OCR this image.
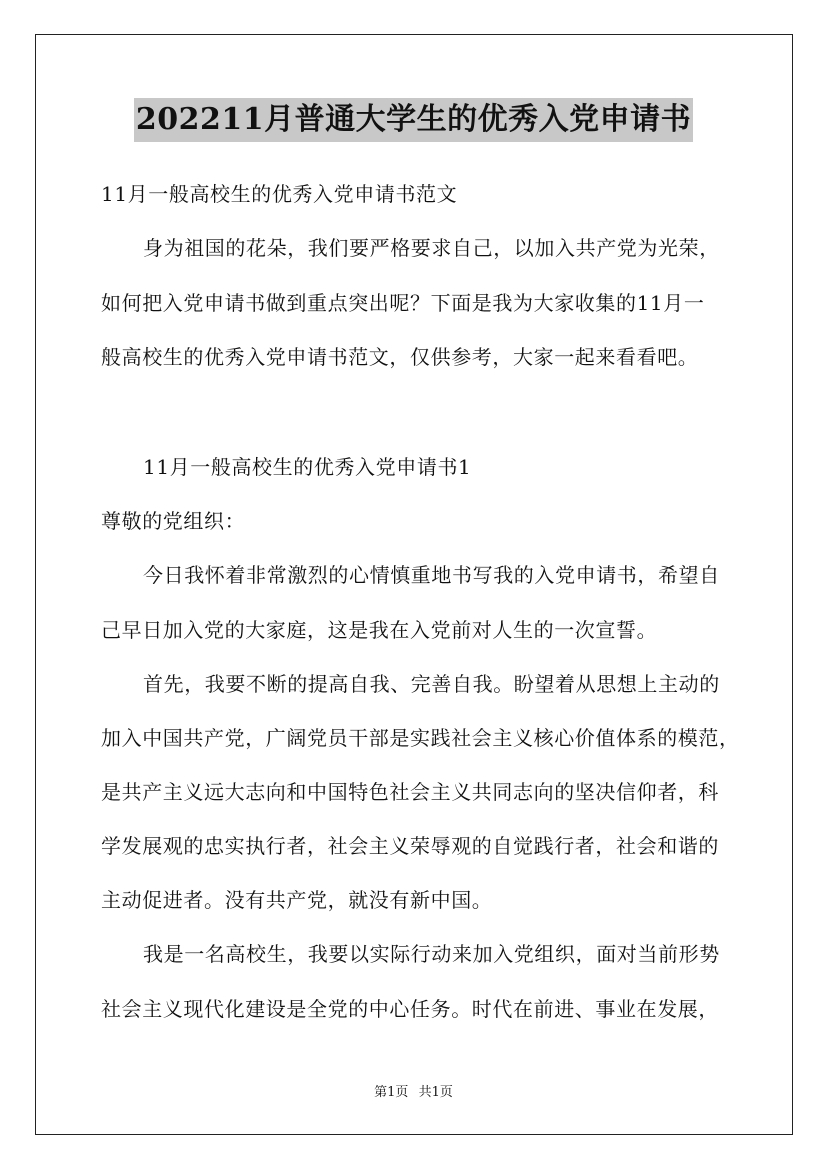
202211月普通大学生的优秀入党申请书
11月一般高校生的优秀入党申请书范文
身为祖国的花朵，我们要严格要求自己，以加入共产党为光荣，
如何把入党申请书做到重点突出呢？下面是我为大家收集的11月一
般高校生的优秀入党申请书范文，仅供参考，大家一起来看看吧。
11月一般高校生的优秀入党申请书1
尊敬的党组织：
今日我怀着非常激烈的心情慎重地书写我的入党申请书，希望自
己早日加入党的大家庭，这是我在入党前对人生的一次宣誓。
首先，我要不断的提高自我、完善自我。盼望着从思想上主动的
加入中国共产党，广阔党员干部是实践社会主义核心价值体系的模范，
是共产主义远大志向和中国特色社会主义共同志向的坚决信仰者，科
学发展观的忠实执行者，社会主义荣辱观的自觉践行者，社会和谐的
主动促进者。没有共产党，就没有新中国。
我是一名高校生，我要以实际行动来加入党组织，面对当前形势
社会主义现代化建设是全党的中心任务。时代在前进、事业在发展，
第1页 共1页
